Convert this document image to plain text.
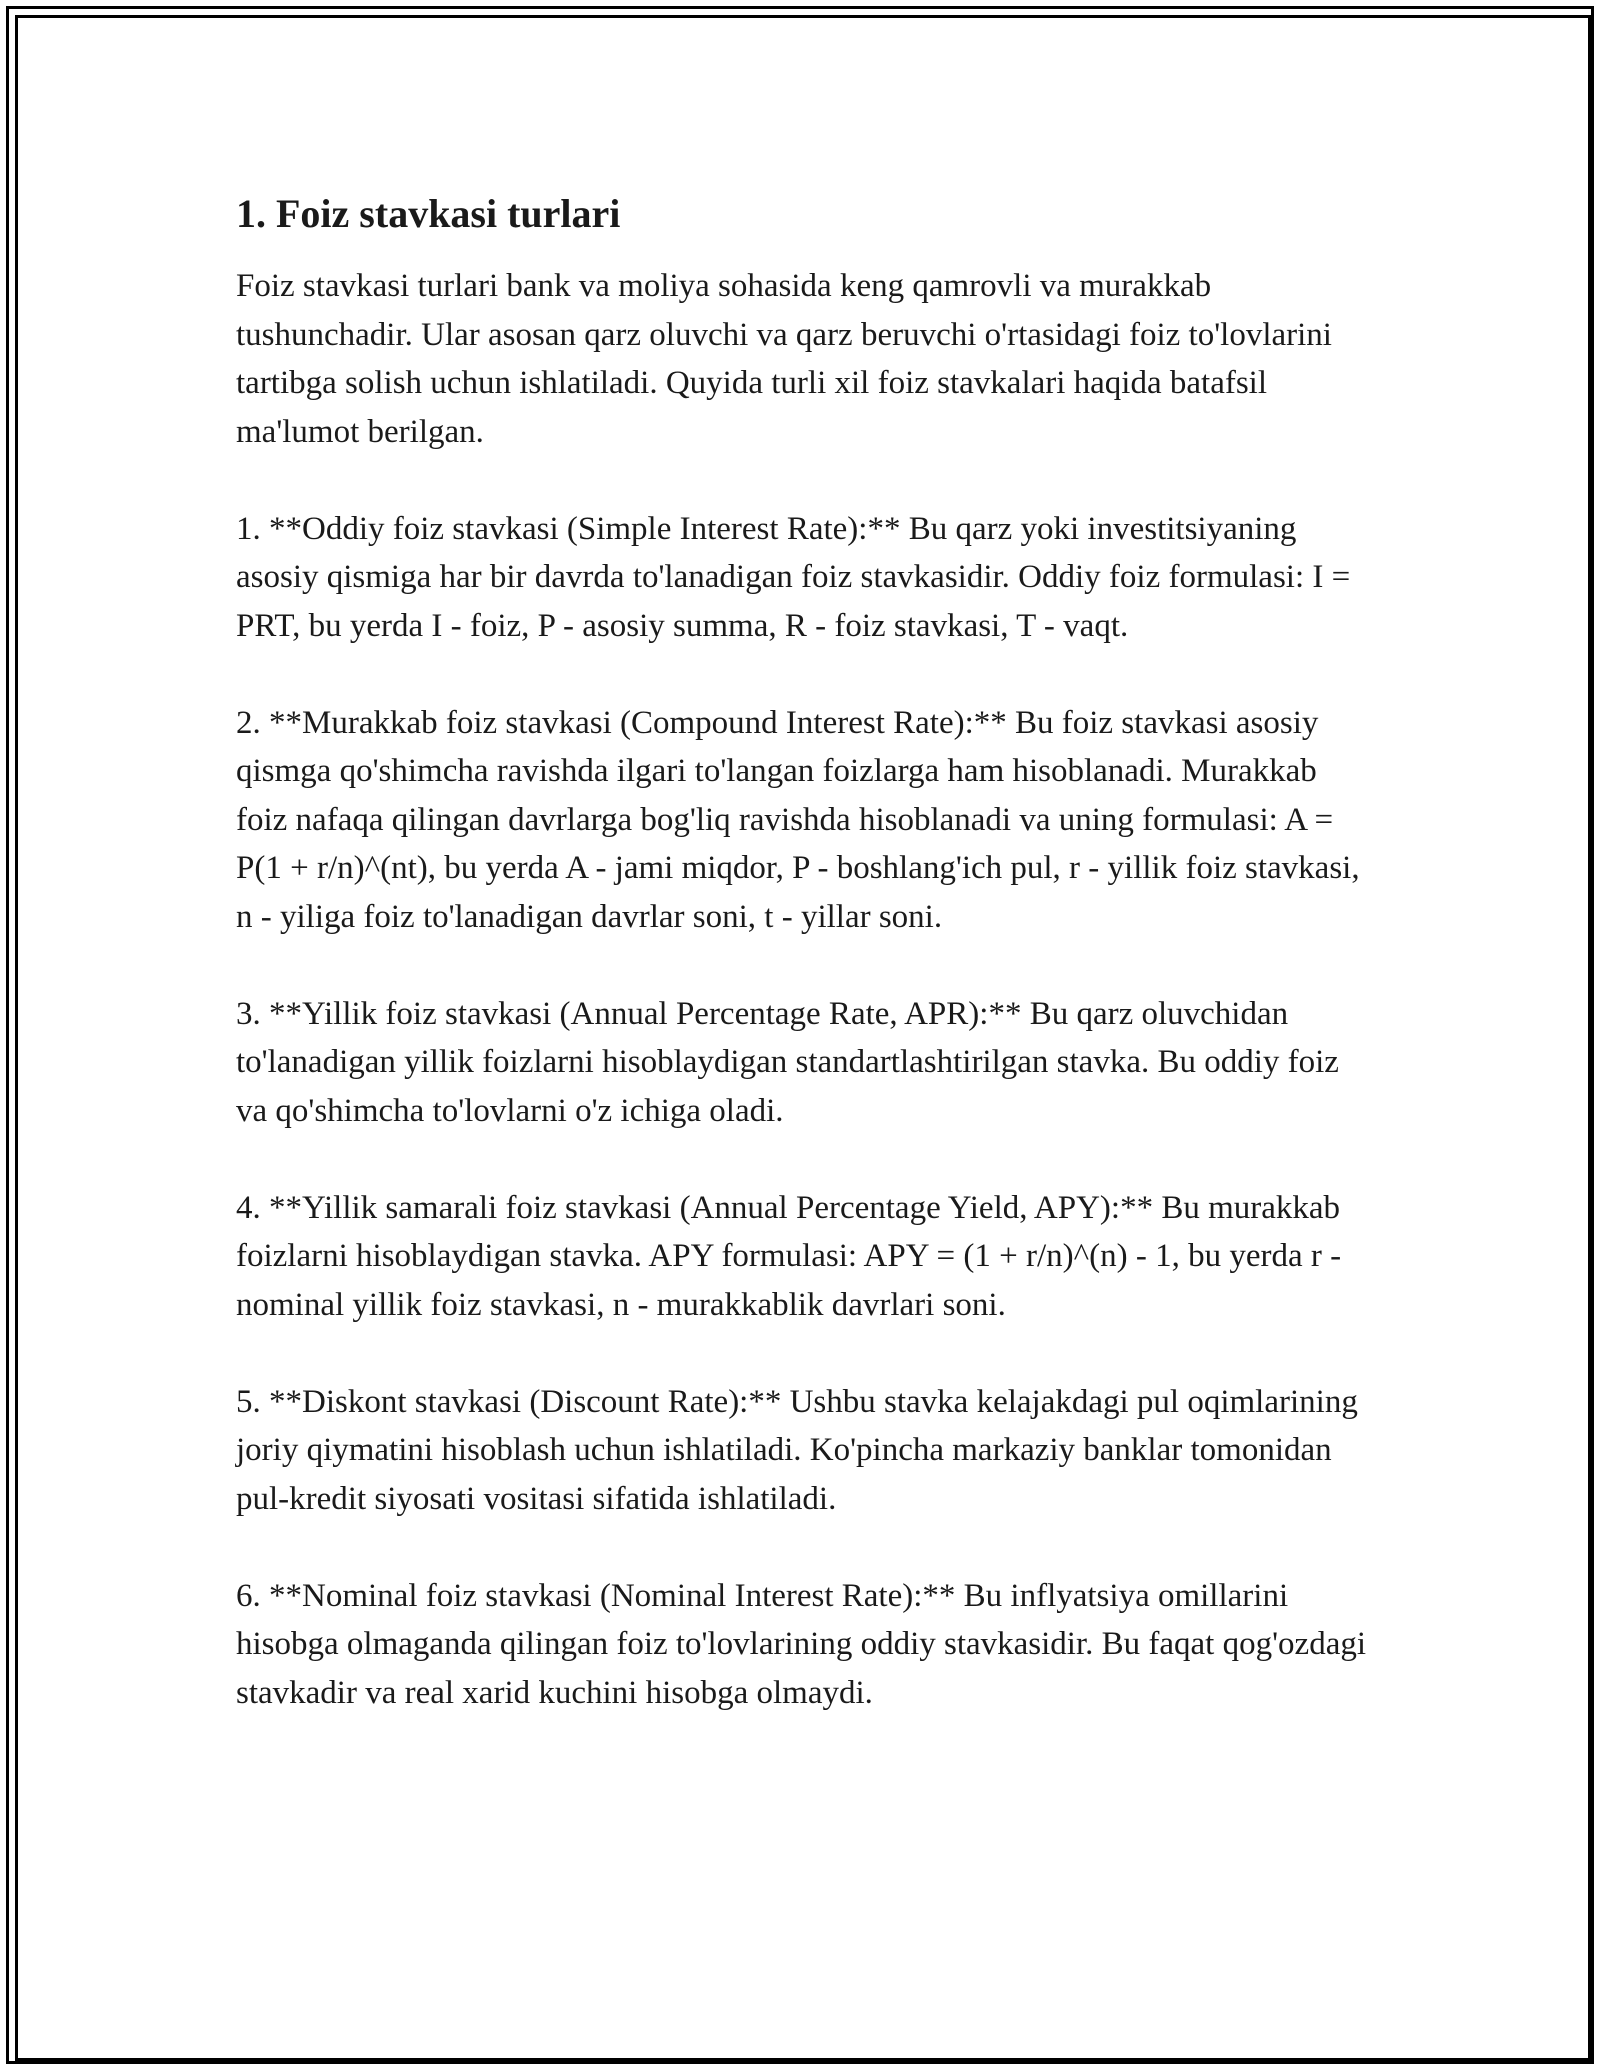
1. Foiz stavkasi turlari
Foiz stavkasi turlari bank va moliya sohasida keng qamrovli va murakkab tushunchadir. Ular asosan qarz oluvchi va qarz beruvchi o'rtasidagi foiz to'lovlarini tartibga solish uchun ishlatiladi. Quyida turli xil foiz stavkalari haqida batafsil ma'lumot berilgan.
1. **Oddiy foiz stavkasi (Simple Interest Rate):** Bu qarz yoki investitsiyaning asosiy qismiga har bir davrda to'lanadigan foiz stavkasidir. Oddiy foiz formulasi: I = PRT, bu yerda I - foiz, P - asosiy summa, R - foiz stavkasi, T - vaqt.
2. **Murakkab foiz stavkasi (Compound Interest Rate):** Bu foiz stavkasi asosiy qismga qo'shimcha ravishda ilgari to'langan foizlarga ham hisoblanadi. Murakkab foiz nafaqa qilingan davrlarga bog'liq ravishda hisoblanadi va uning formulasi: A = P(1 + r/n)^(nt), bu yerda A - jami miqdor, P - boshlang'ich pul, r - yillik foiz stavkasi, n - yiliga foiz to'lanadigan davrlar soni, t - yillar soni.
3. **Yillik foiz stavkasi (Annual Percentage Rate, APR):** Bu qarz oluvchidan to'lanadigan yillik foizlarni hisoblaydigan standartlashtirilgan stavka. Bu oddiy foiz va qo'shimcha to'lovlarni o'z ichiga oladi.
4. **Yillik samarali foiz stavkasi (Annual Percentage Yield, APY):** Bu murakkab foizlarni hisoblaydigan stavka. APY formulasi: APY = (1 + r/n)^(n) - 1, bu yerda r - nominal yillik foiz stavkasi, n - murakkablik davrlari soni.
5. **Diskont stavkasi (Discount Rate):** Ushbu stavka kelajakdagi pul oqimlarining joriy qiymatini hisoblash uchun ishlatiladi. Ko'pincha markaziy banklar tomonidan pul-kredit siyosati vositasi sifatida ishlatiladi.
6. **Nominal foiz stavkasi (Nominal Interest Rate):** Bu inflyatsiya omillarini hisobga olmaganda qilingan foiz to'lovlarining oddiy stavkasidir. Bu faqat qog'ozdagi stavkadir va real xarid kuchini hisobga olmaydi.
